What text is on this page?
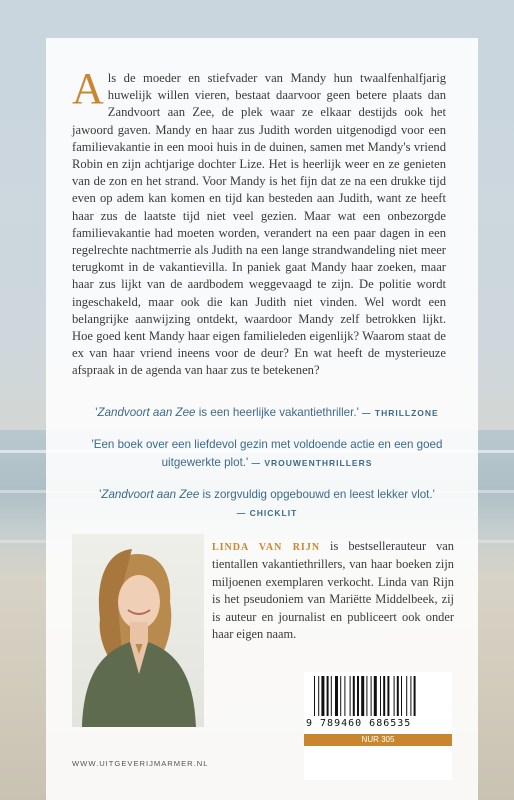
Als de moeder en stiefvader van Mandy hun twaalfenhalfjarig huwelijk willen vieren, bestaat daarvoor geen betere plaats dan Zandvoort aan Zee, de plek waar ze elkaar destijds ook het jawoord gaven. Mandy en haar zus Judith worden uitgenodigd voor een familievakantie in een mooi huis in de duinen, samen met Mandy's vriend Robin en zijn achtjarige dochter Lize. Het is heerlijk weer en ze genieten van de zon en het strand. Voor Mandy is het fijn dat ze na een drukke tijd even op adem kan komen en tijd kan besteden aan Judith, want ze heeft haar zus de laatste tijd niet veel gezien. Maar wat een onbezorgde familievakantie had moeten worden, verandert na een paar dagen in een regelrechte nachtmerrie als Judith na een lange strandwandeling niet meer terugkomt in de vakantievilla. In paniek gaat Mandy haar zoeken, maar haar zus lijkt van de aardbodem weggevaagd te zijn. De politie wordt ingeschakeld, maar ook die kan Judith niet vinden. Wel wordt een belangrijke aanwijzing ontdekt, waardoor Mandy zelf betrokken lijkt. Hoe goed kent Mandy haar eigen familieleden eigenlijk? Waarom staat de ex van haar vriend ineens voor de deur? En wat heeft de mysterieuze afspraak in de agenda van haar zus te betekenen?

'Zandvoort aan Zee is een heerlijke vakantiethriller.' — THRILLZONE

'Een boek over een liefdevol gezin met voldoende actie en een goed uitgewerkte plot.' — VROUWENTHRILLERS

'Zandvoort aan Zee is zorgvuldig opgebouwd en leest lekker vlot.'
— CHICKLIT

LINDA VAN RIJN is bestsellerauteur van tientallen vakantiethrillers, van haar boeken zijn miljoenen exemplaren verkocht. Linda van Rijn is het pseudoniem van Mariëtte Middelbeek, zij is auteur en journalist en publiceert ook onder haar eigen naam.

9 789460 686535
NUR 305
WWW.UITGEVERIJMARMER.NL
